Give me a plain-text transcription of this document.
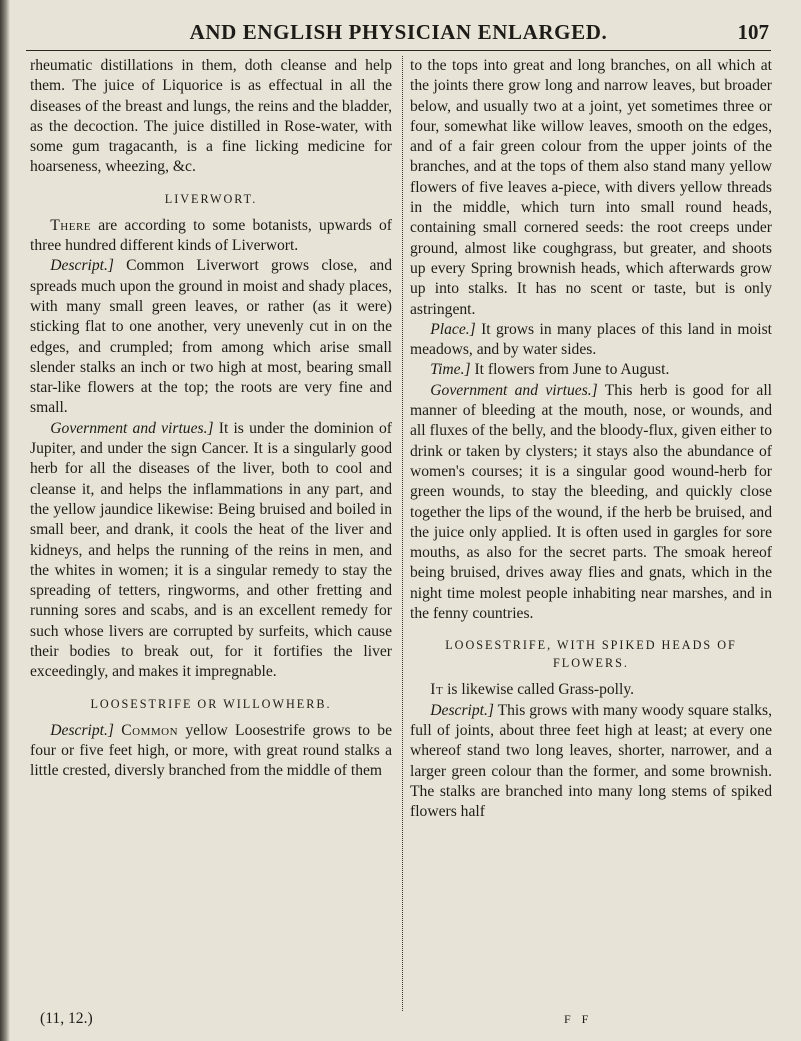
AND ENGLISH PHYSICIAN ENLARGED.	107

rheumatic distillations in them, doth cleanse and help them. The juice of Liquorice is as effectual in all the diseases of the breast and lungs, the reins and the bladder, as the decoction. The juice distilled in Rose-water, with some gum tragacanth, is a fine licking medicine for hoarseness, wheezing, &c.

LIVERWORT.

There are according to some botanists, upwards of three hundred different kinds of Liverwort.

Descript.] Common Liverwort grows close, and spreads much upon the ground in moist and shady places, with many small green leaves, or rather (as it were) sticking flat to one another, very unevenly cut in on the edges, and crumpled; from among which arise small slender stalks an inch or two high at most, bearing small star-like flowers at the top; the roots are very fine and small.

Government and virtues.] It is under the dominion of Jupiter, and under the sign Cancer. It is a singularly good herb for all the diseases of the liver, both to cool and cleanse it, and helps the inflammations in any part, and the yellow jaundice likewise: Being bruised and boiled in small beer, and drank, it cools the heat of the liver and kidneys, and helps the running of the reins in men, and the whites in women; it is a singular remedy to stay the spreading of tetters, ringworms, and other fretting and running sores and scabs, and is an excellent remedy for such whose livers are corrupted by surfeits, which cause their bodies to break out, for it fortifies the liver exceedingly, and makes it impregnable.

LOOSESTRIFE OR WILLOWHERB.

Descript.] Common yellow Loosestrife grows to be four or five feet high, or more, with great round stalks a little crested, diversly branched from the middle of them

to the tops into great and long branches, on all which at the joints there grow long and narrow leaves, but broader below, and usually two at a joint, yet sometimes three or four, somewhat like willow leaves, smooth on the edges, and of a fair green colour from the upper joints of the branches, and at the tops of them also stand many yellow flowers of five leaves a-piece, with divers yellow threads in the middle, which turn into small round heads, containing small cornered seeds: the root creeps under ground, almost like coughgrass, but greater, and shoots up every Spring brownish heads, which afterwards grow up into stalks. It has no scent or taste, but is only astringent.

Place.] It grows in many places of this land in moist meadows, and by water sides.

Time.] It flowers from June to August.

Government and virtues.] This herb is good for all manner of bleeding at the mouth, nose, or wounds, and all fluxes of the belly, and the bloody-flux, given either to drink or taken by clysters; it stays also the abundance of women's courses; it is a singular good wound-herb for green wounds, to stay the bleeding, and quickly close together the lips of the wound, if the herb be bruised, and the juice only applied. It is often used in gargles for sore mouths, as also for the secret parts. The smoak hereof being bruised, drives away flies and gnats, which in the night time molest people inhabiting near marshes, and in the fenny countries.

LOOSESTRIFE, WITH SPIKED HEADS OF FLOWERS.

It is likewise called Grass-polly.

Descript.] This grows with many woody square stalks, full of joints, about three feet high at least; at every one whereof stand two long leaves, shorter, narrower, and a larger green colour than the former, and some brownish. The stalks are branched into many long stems of spiked flowers half

(11, 12.)	F F
